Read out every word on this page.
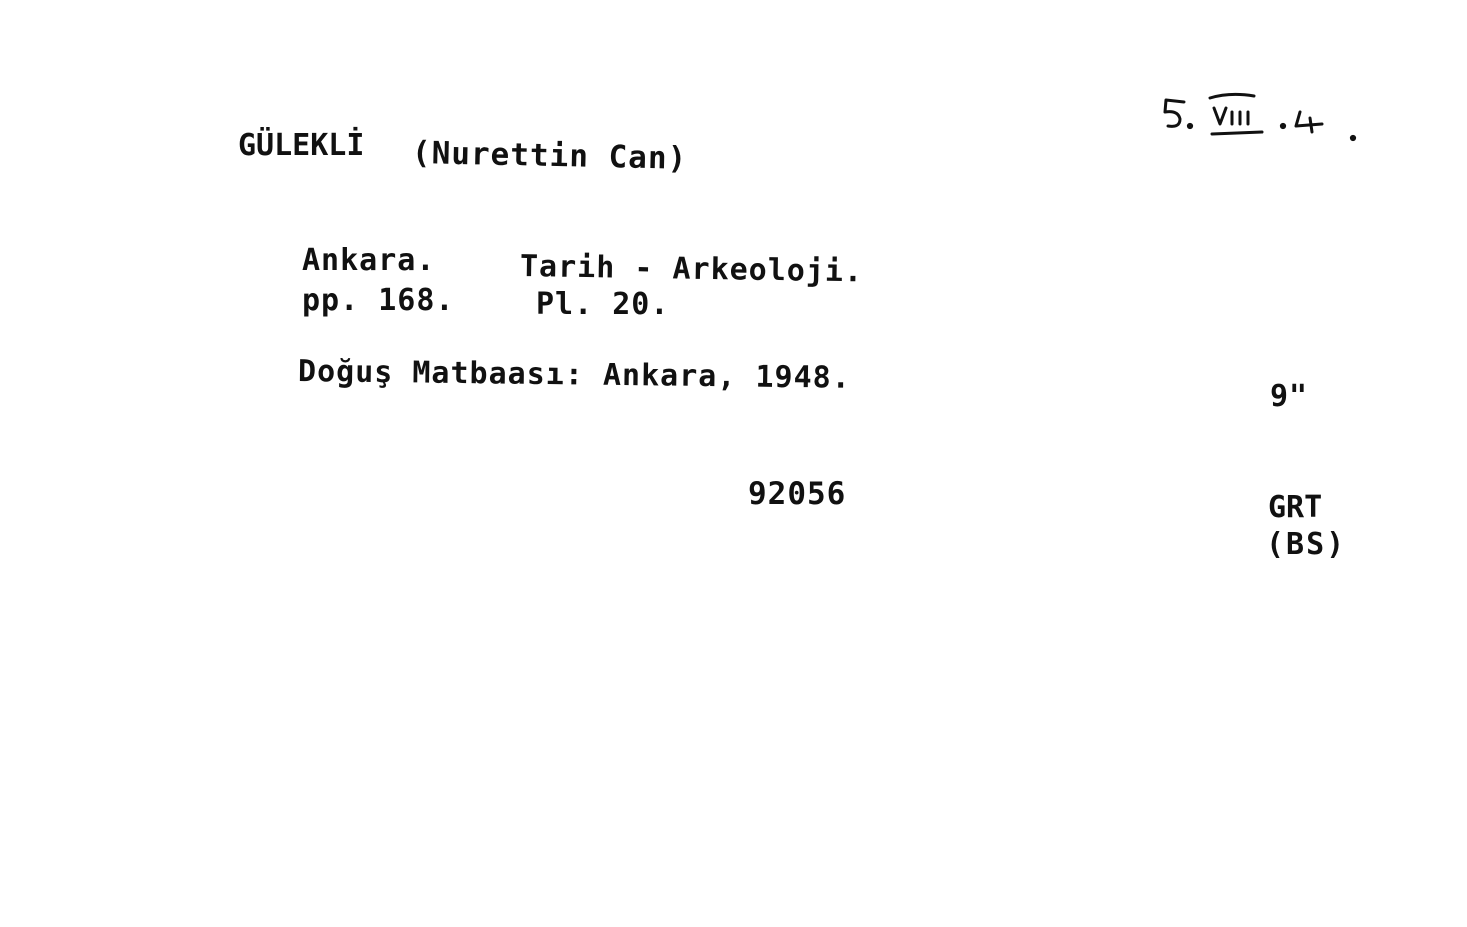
GÜLEKLİ (Nurettin Can)
Ankara.	Tarih - Arkeoloji.
pp. 168.	Pl. 20.
Doğuş Matbaası: Ankara, 1948.
92056
9"
GRT
(BS)
